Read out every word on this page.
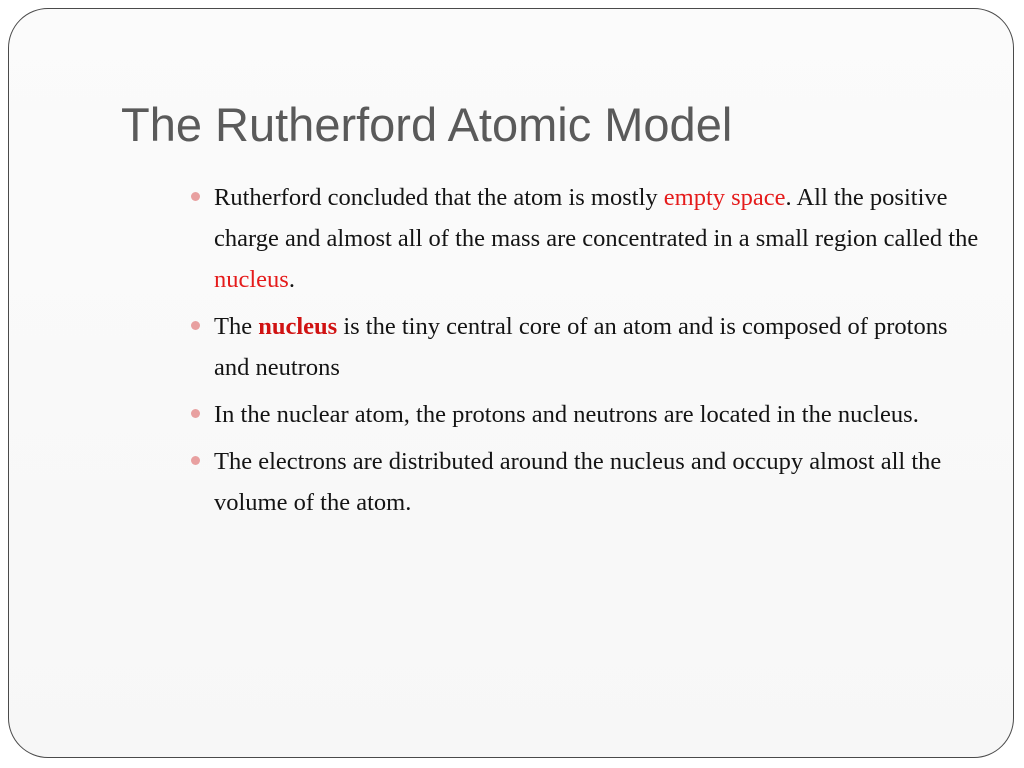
The Rutherford Atomic Model
Rutherford concluded that the atom is mostly empty space. All the positive charge and almost all of the mass are concentrated in a small region called the nucleus.
The nucleus is the tiny central core of an atom and is composed of protons and neutrons
In the nuclear atom, the protons and neutrons are located in the nucleus.
The electrons are distributed around the nucleus and occupy almost all the volume of the atom.
